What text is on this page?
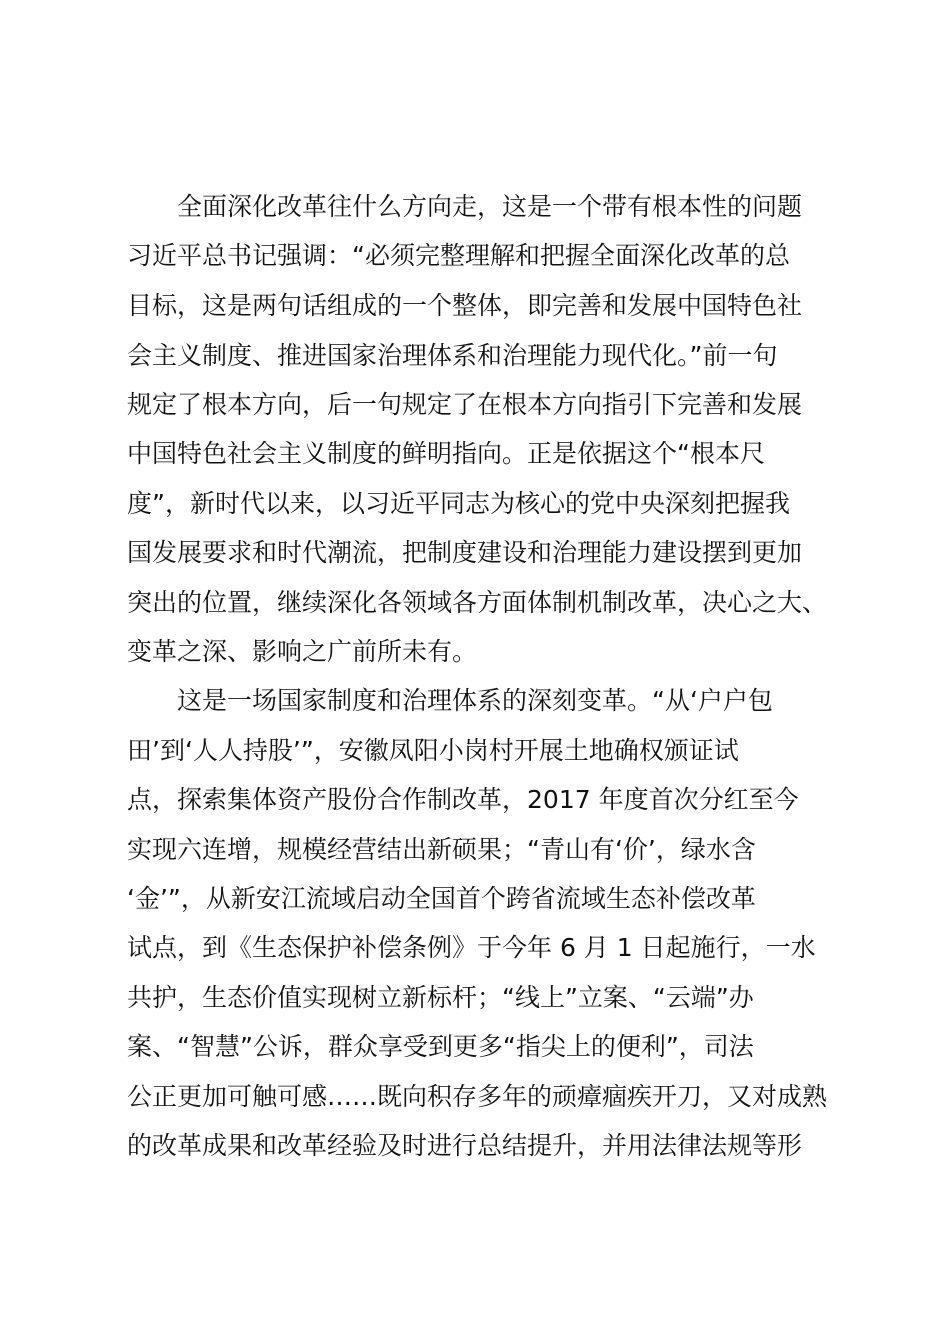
全面深化改革往什么方向走，这是一个带有根本性的问题
习近平总书记强调：“必须完整理解和把握全面深化改革的总
目标，这是两句话组成的一个整体，即完善和发展中国特色社
会主义制度、推进国家治理体系和治理能力现代化。”前一句
规定了根本方向，后一句规定了在根本方向指引下完善和发展
中国特色社会主义制度的鲜明指向。正是依据这个“根本尺
度”，新时代以来，以习近平同志为核心的党中央深刻把握我
国发展要求和时代潮流，把制度建设和治理能力建设摆到更加
突出的位置，继续深化各领域各方面体制机制改革，决心之大、
变革之深、影响之广前所未有。
这是一场国家制度和治理体系的深刻变革。“从‘户户包
田’到‘人人持股’”，安徽凤阳小岗村开展土地确权颁证试
点，探索集体资产股份合作制改革，2017 年度首次分红至今
实现六连增，规模经营结出新硕果；“青山有‘价’，绿水含
‘金’”，从新安江流域启动全国首个跨省流域生态补偿改革
试点，到《生态保护补偿条例》于今年 6 月 1 日起施行，一水
共护，生态价值实现树立新标杆；“线上”立案、“云端”办
案、“智慧”公诉，群众享受到更多“指尖上的便利”，司法
公正更加可触可感……既向积存多年的顽瘴痼疾开刀，又对成熟
的改革成果和改革经验及时进行总结提升，并用法律法规等形
